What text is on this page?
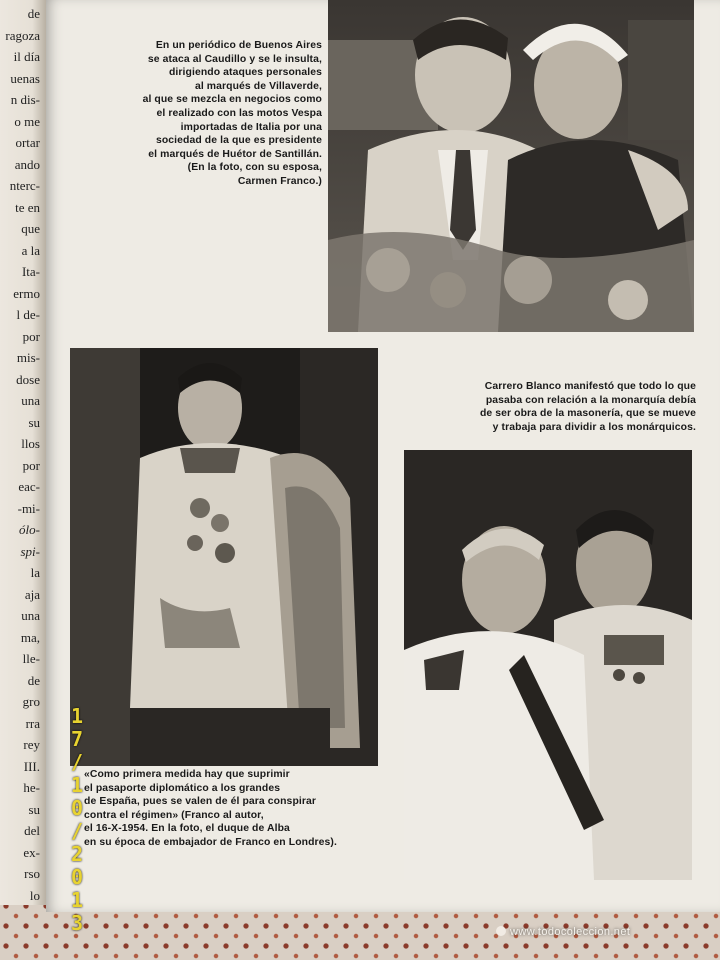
de
ragoza
il día
uenas
n dis-
o me
ortar
ando
nterc-
te en
que
a la
Ita-
ermo
l de-
por
mis-
dose
una
su
llos
por
eac-
-mi-
ólo-
spi-
la
aja
una
ma,
llе-
de
gro
rra
rey
III.
he-
su
del
ex-
rso
lo

En un periódico de Buenos Aires

se ataca al Caudillo y se le insulta,

dirigiendo ataques personales

al marqués de Villaverde,

al que se mezcla en negocios como

el realizado con las motos Vespa

importadas de Italia por una

sociedad de la que es presidente

el marqués de Huétor de Santillán.

(En la foto, con su esposa,

Carmen Franco.)

Carrero Blanco manifestó que todo lo que

pasaba con relación a la monarquía debía

de ser obra de la masonería, que se mueve

y trabaja para dividir a los monárquicos.

«Como primera medida hay que suprimir

el pasaporte diplomático a los grandes

de España, pues se valen de él para conspirar

contra el régimen» (Franco al autor,

el 16-X-1954. En la foto, el duque de Alba

en su época de embajador de Franco en Londres).

1
7
/
1
0
/
2
0
1
3	www.todocoleccion.net
